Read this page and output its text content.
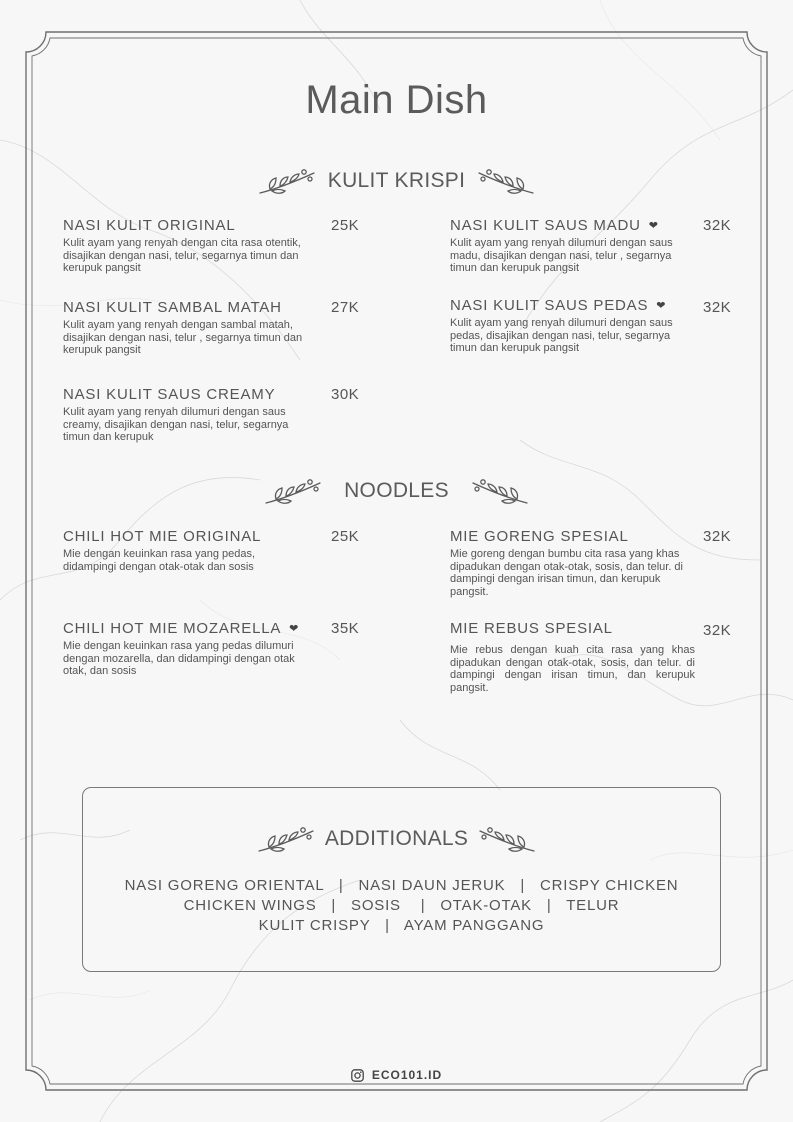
Main Dish
KULIT KRISPI
NASI KULIT ORIGINAL
Kulit ayam yang renyah dengan cita rasa otentik, disajikan dengan nasi, telur, segarnya timun dan kerupuk pangsit
25K	NASI KULIT SAUS MADU ❤
Kulit ayam yang renyah dilumuri dengan saus madu, disajikan dengan nasi, telur , segarnya timun dan kerupuk pangsit
32K
NASI KULIT SAMBAL MATAH
Kulit ayam yang renyah dengan sambal matah, disajikan dengan nasi, telur , segarnya timun dan kerupuk pangsit
27K	NASI KULIT SAUS PEDAS ❤
Kulit ayam yang renyah dilumuri dengan saus pedas, disajikan dengan nasi, telur, segarnya timun dan kerupuk pangsit
32K
NASI KULIT SAUS CREAMY
Kulit ayam yang renyah dilumuri dengan saus creamy, disajikan dengan nasi, telur, segarnya timun dan kerupuk
30K
NOODLES
CHILI HOT MIE ORIGINAL
Mie dengan keuinkan rasa yang pedas, didampingi dengan otak-otak dan sosis
25K	MIE GORENG SPESIAL
Mie goreng dengan bumbu cita rasa yang khas dipadukan dengan otak-otak, sosis, dan telur. di dampingi dengan irisan timun, dan kerupuk pangsit.
32K
CHILI HOT MIE MOZARELLA ❤
Mie dengan keuinkan rasa yang pedas dilumuri dengan mozarella, dan didampingi dengan otak otak, dan sosis
35K	MIE REBUS SPESIAL
Mie rebus dengan kuah cita rasa yang khas dipadukan dengan otak-otak, sosis, dan telur. di dampingi dengan irisan timun, dan kerupuk pangsit.
32K
ADDITIONALS
NASI GORENG ORIENTAL   |   NASI DAUN JERUK   |   CRISPY CHICKEN
CHICKEN WINGS   |   SOSIS    |   OTAK-OTAK   |   TELUR
KULIT CRISPY   |   AYAM PANGGANG
ECO101.ID
